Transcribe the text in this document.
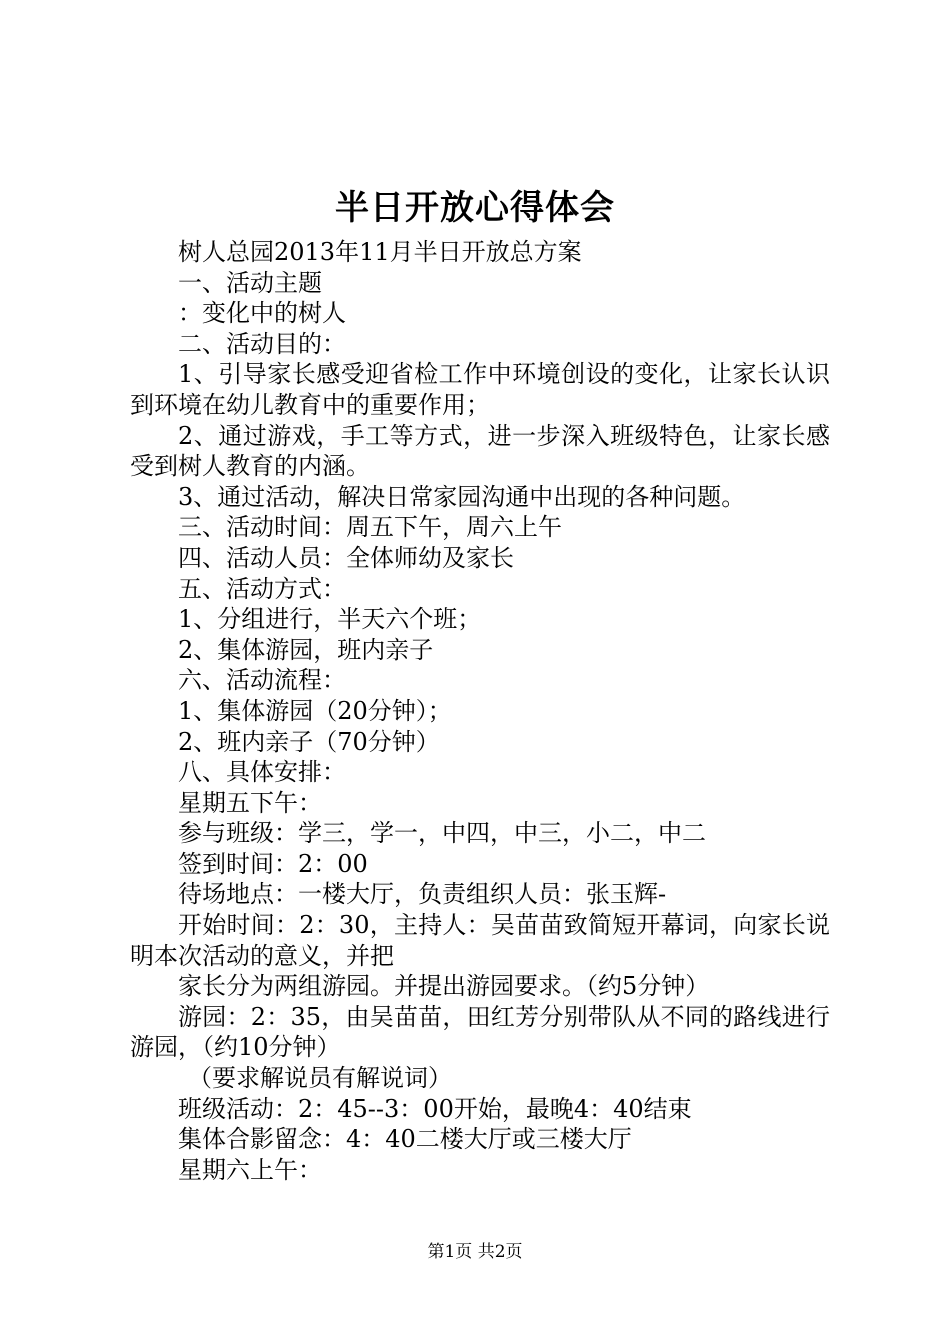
半日开放心得体会

树人总园2013年11月半日开放总方案

一、活动主题

：变化中的树人

二、活动目的：

1、引导家长感受迎省检工作中环境创设的变化，让家长认识到环境在幼儿教育中的重要作用；

2、通过游戏，手工等方式，进一步深入班级特色，让家长感受到树人教育的内涵。

3、通过活动，解决日常家园沟通中出现的各种问题。

三、活动时间：周五下午，周六上午

四、活动人员：全体师幼及家长

五、活动方式：

1、分组进行，半天六个班；

2、集体游园，班内亲子

六、活动流程：

1、集体游园（20分钟）；

2、班内亲子（70分钟）

八、具体安排：

星期五下午：

参与班级：学三，学一，中四，中三，小二，中二

签到时间：2：00

待场地点：一楼大厅，负责组织人员：张玉辉-

开始时间：2：30，主持人：吴苗苗致简短开幕词，向家长说明本次活动的意义，并把

家长分为两组游园。并提出游园要求。（约5分钟）

游园：2：35，由吴苗苗，田红芳分别带队从不同的路线进行游园，（约10分钟）

（要求解说员有解说词）

班级活动：2：45--3：00开始，最晚4：40结束

集体合影留念：4：40二楼大厅或三楼大厅

星期六上午：

第1页 共2页
